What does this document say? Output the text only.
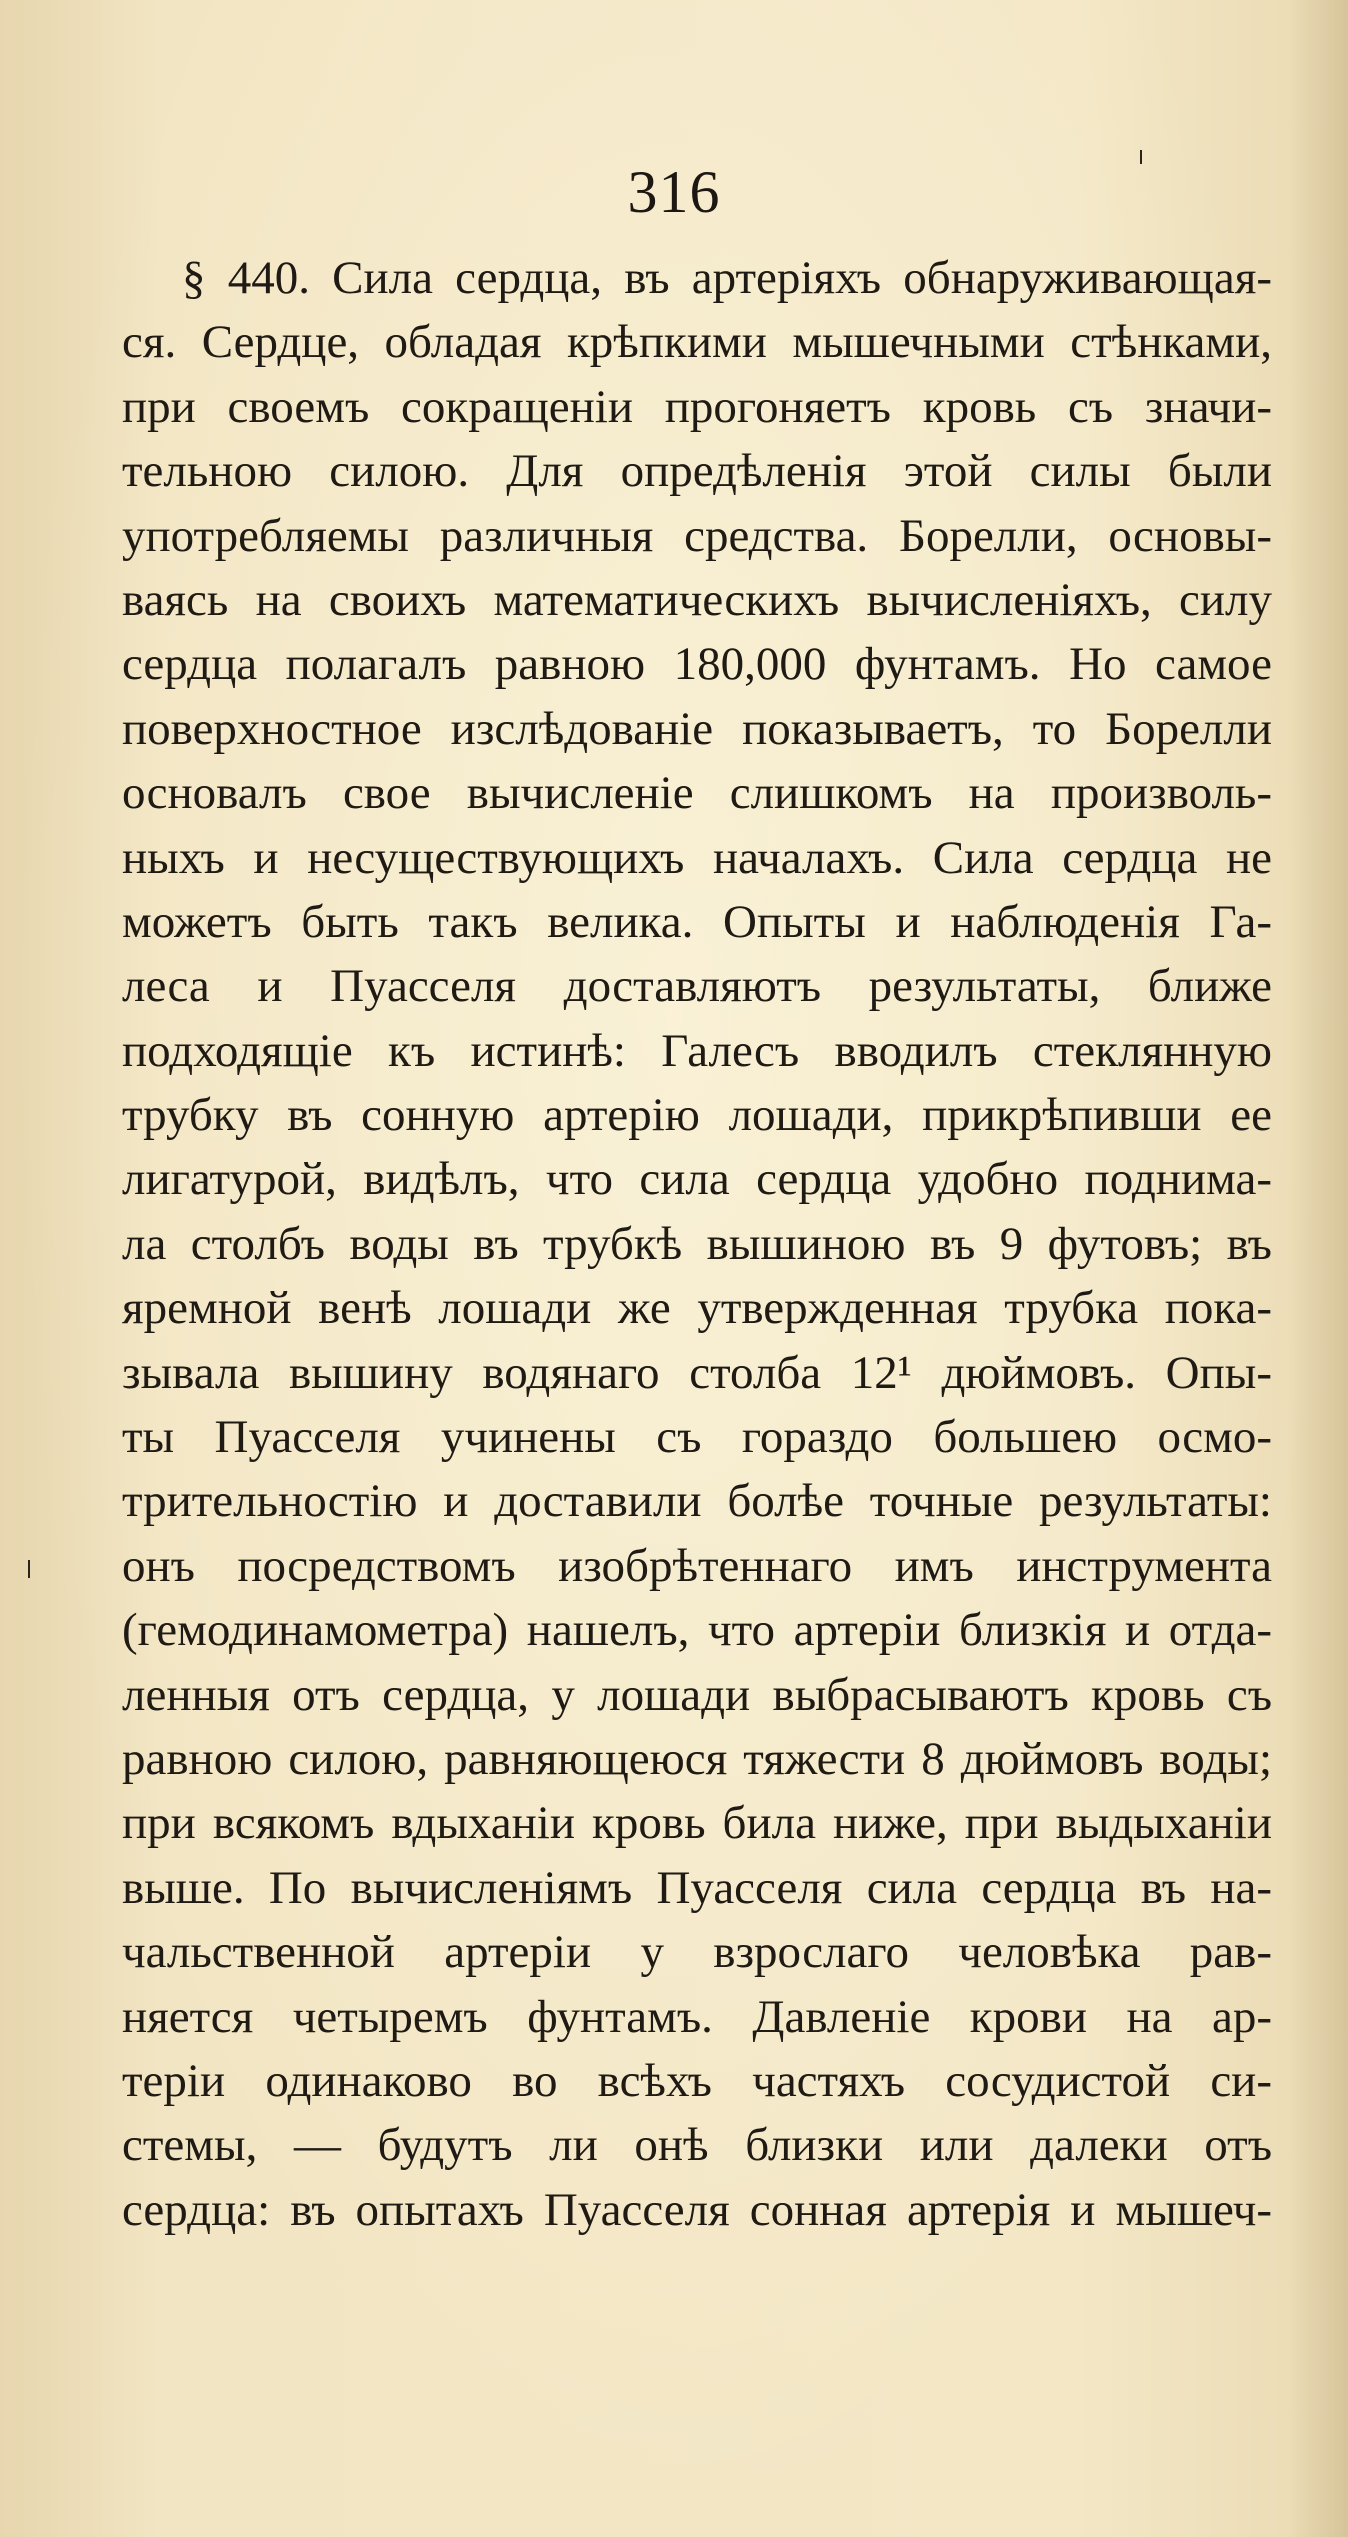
316
§ 440. Сила сердца, въ артеріяхъ обнаруживающая-
ся. Сердце, обладая крѣпкими мышечными стѣнками,
при своемъ сокращеніи прогоняетъ кровь съ значи-
тельною силою. Для опредѣленія этой силы были
употребляемы различныя средства. Борелли, основы-
ваясь на своихъ математическихъ вычисленіяхъ, силу
сердца полагалъ равною 180,000 фунтамъ. Но самое
поверхностное изслѣдованіе показываетъ, то Борелли
основалъ свое вычисленіе слишкомъ на произволь-
ныхъ и несуществующихъ началахъ. Сила сердца не
можетъ быть такъ велика. Опыты и наблюденія Га-
леса и Пуасселя доставляютъ результаты, ближе
подходящіе къ истинѣ: Галесъ вводилъ стеклянную
трубку въ сонную артерію лошади, прикрѣпивши ее
лигатурой, видѣлъ, что сила сердца удобно поднима-
ла столбъ воды въ трубкѣ вышиною въ 9 футовъ; въ
яремной венѣ лошади же утвержденная трубка пока-
зывала вышину водянаго столба 12¹ дюймовъ. Опы-
ты Пуасселя учинены съ гораздо большею осмо-
трительностію и доставили болѣе точные результаты:
онъ посредствомъ изобрѣтеннаго имъ инструмента
(гемодинамометра) нашелъ, что артеріи близкія и отда-
ленныя отъ сердца, у лошади выбрасываютъ кровь съ
равною силою, равняющеюся тяжести 8 дюймовъ воды;
при всякомъ вдыханіи кровь била ниже, при выдыханіи
выше. По вычисленіямъ Пуасселя сила сердца въ на-
чальственной артеріи у взрослаго человѣка рав-
няется четыремъ фунтамъ. Давленіе крови на ар-
теріи одинаково во всѣхъ частяхъ сосудистой си-
стемы, — будутъ ли онѣ близки или далеки отъ
сердца: въ опытахъ Пуасселя сонная артерія и мышеч-
